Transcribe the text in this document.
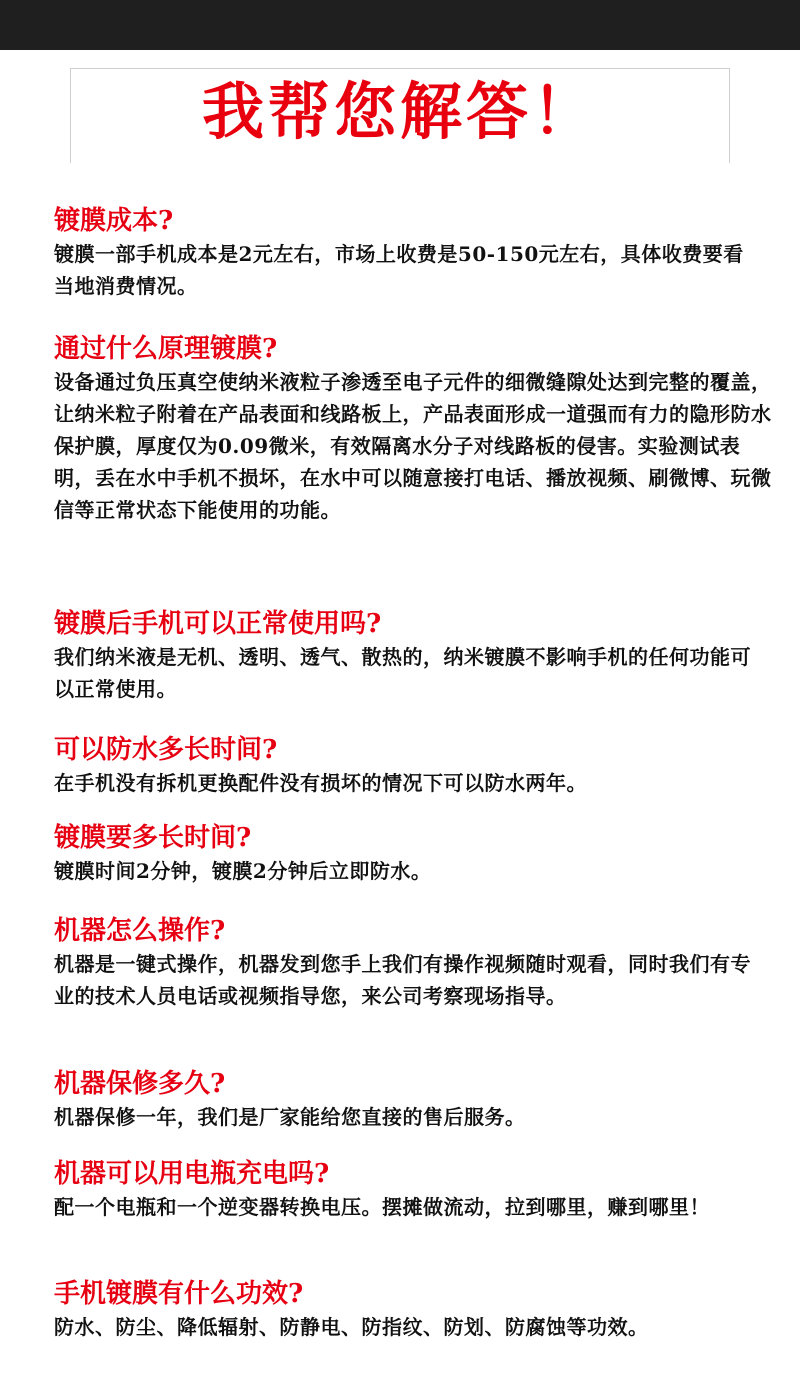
我帮您解答！

镀膜成本?

镀膜一部手机成本是2元左右，市场上收费是50-150元左右，具体收费要看当地消费情况。

通过什么原理镀膜?

设备通过负压真空使纳米液粒子渗透至电子元件的细微缝隙处达到完整的覆盖，让纳米粒子附着在产品表面和线路板上，产品表面形成一道强而有力的隐形防水保护膜，厚度仅为0.09微米，有效隔离水分子对线路板的侵害。实验测试表明，丢在水中手机不损坏，在水中可以随意接打电话、播放视频、刷微博、玩微信等正常状态下能使用的功能。

镀膜后手机可以正常使用吗?

我们纳米液是无机、透明、透气、散热的，纳米镀膜不影响手机的任何功能可以正常使用。

可以防水多长时间?

在手机没有拆机更换配件没有损坏的情况下可以防水两年。

镀膜要多长时间?

镀膜时间2分钟，镀膜2分钟后立即防水。

机器怎么操作?

机器是一键式操作，机器发到您手上我们有操作视频随时观看，同时我们有专业的技术人员电话或视频指导您，来公司考察现场指导。

机器保修多久?

机器保修一年，我们是厂家能给您直接的售后服务。

机器可以用电瓶充电吗?

配一个电瓶和一个逆变器转换电压。摆摊做流动，拉到哪里，赚到哪里！

手机镀膜有什么功效?

防水、防尘、降低辐射、防静电、防指纹、防划、防腐蚀等功效。
